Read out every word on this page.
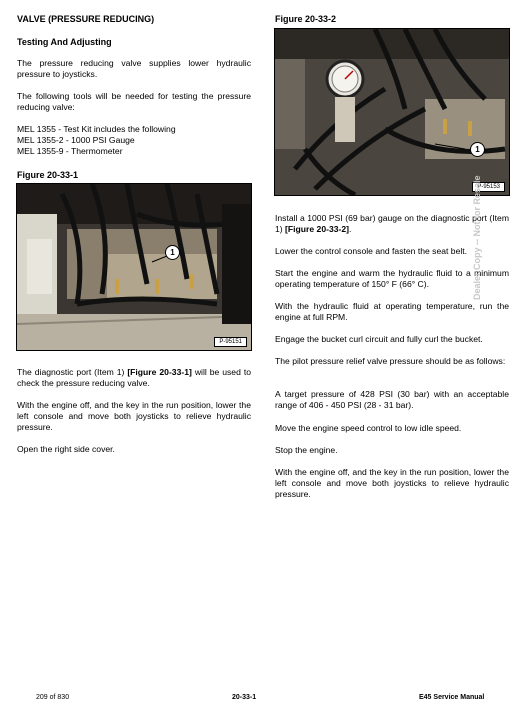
VALVE (PRESSURE REDUCING)
Testing And Adjusting

The pressure reducing valve supplies lower hydraulic pressure to joysticks.

The following tools will be needed for testing the pressure reducing valve:

MEL 1355 - Test Kit includes the following
MEL 1355-2 - 1000 PSI Gauge
MEL 1355-9 - Thermometer
Figure 20-33-1
1
P-95151

The diagnostic port (Item 1) [Figure 20-33-1] will be used to check the pressure reducing valve.

With the engine off, and the key in the run position, lower the left console and move both joysticks to relieve hydraulic pressure.

Open the right side cover.

Figure 20-33-2
1
P-95153

Install a 1000 PSI (69 bar) gauge on the diagnostic port (Item 1) [Figure 20-33-2].

Lower the control console and fasten the seat belt.

Start the engine and warm the hydraulic fluid to a minimum operating temperature of 150° F (66° C).

With the hydraulic fluid at operating temperature, run the engine at full RPM.

Engage the bucket curl circuit and fully curl the bucket.

The pilot pressure relief valve pressure should be as follows:

A target pressure of 428 PSI (30 bar) with an acceptable range of 406 - 450 PSI (28 - 31 bar).

Move the engine speed control to low idle speed.

Stop the engine.

With the engine off, and the key in the run position, lower the left console and move both joysticks to relieve hydraulic pressure.

Dealer Copy -- Not for Resale
209 of 830	20-33-1	E45 Service Manual
